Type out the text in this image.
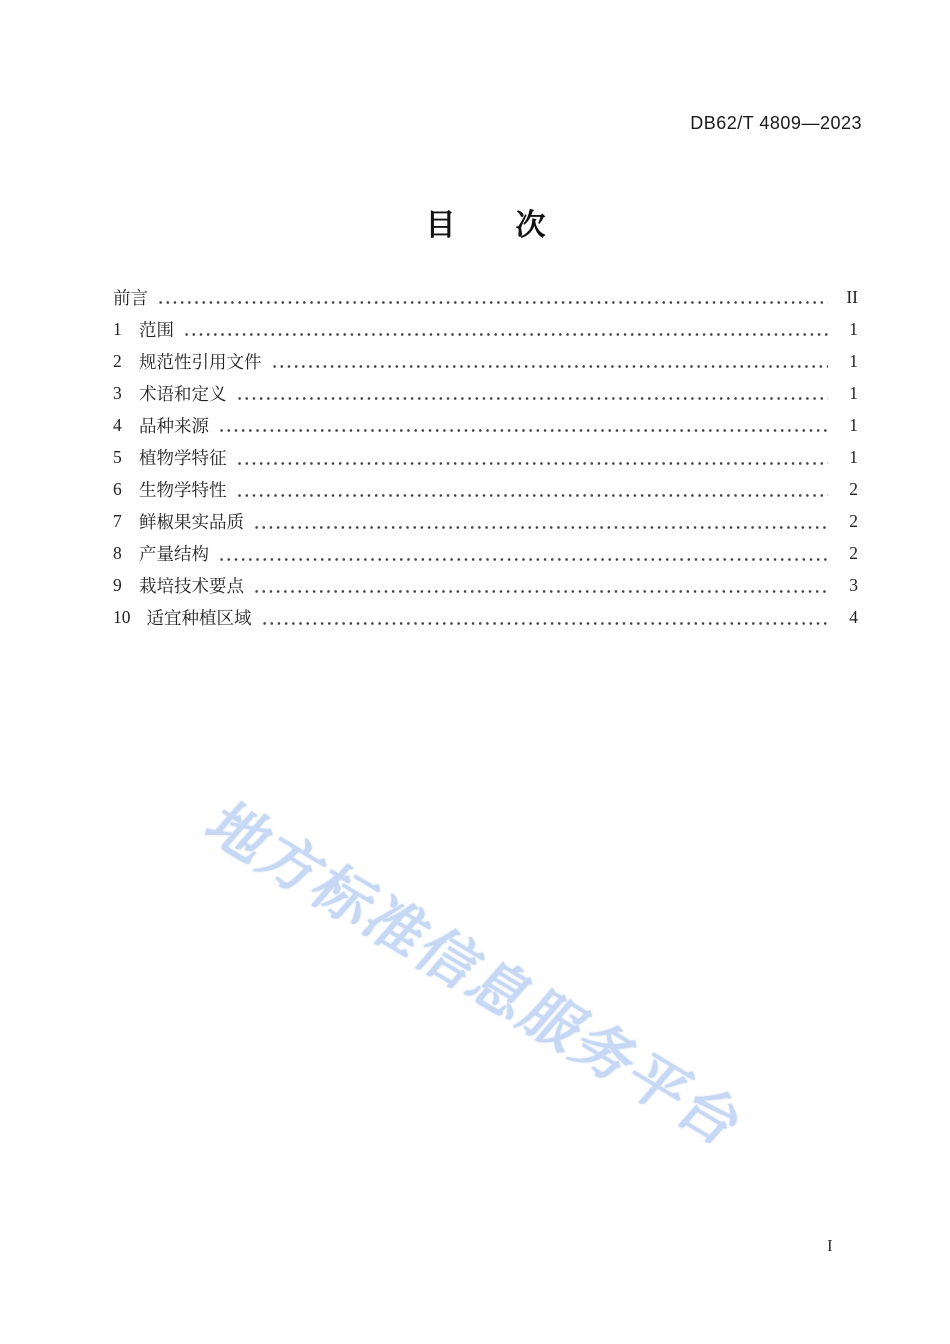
DB62/T 4809—2023
目　　次
前言	II
1 范围	1
2 规范性引用文件	1
3 术语和定义	1
4 品种来源	1
5 植物学特征	1
6 生物学特性	2
7 鲜椒果实品质	2
8 产量结构	2
9 栽培技术要点	3
10 适宜种植区域	4
地方标准信息服务平台
I
